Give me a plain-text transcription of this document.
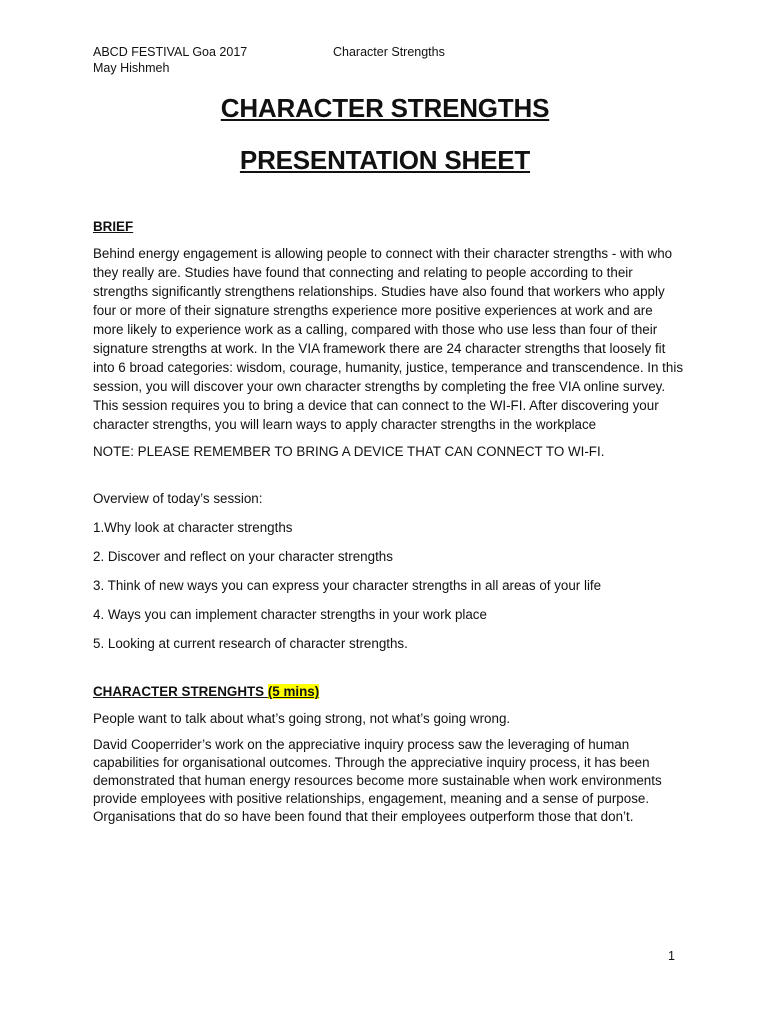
ABCD FESTIVAL Goa 2017
May Hishmeh
Character Strengths
CHARACTER STRENGTHS
PRESENTATION SHEET
BRIEF
Behind energy engagement is allowing people to connect with their character strengths - with who they really are. Studies have found that connecting and relating to people according to their strengths significantly strengthens relationships. Studies have also found that workers who apply four or more of their signature strengths experience more positive experiences at work and are more likely to experience work as a calling, compared with those who use less than four of their signature strengths at work. In the VIA framework there are 24 character strengths that loosely fit into 6 broad categories: wisdom, courage, humanity, justice, temperance and transcendence. In this session, you will discover your own character strengths by completing the free VIA online survey. This session requires you to bring a device that can connect to the WI-FI. After discovering your character strengths, you will learn ways to apply character strengths in the workplace
NOTE: PLEASE REMEMBER TO BRING A DEVICE THAT CAN CONNECT TO WI-FI.
Overview of today’s session:
1.Why look at character strengths
2. Discover and reflect on your character strengths
3. Think of new ways you can express your character strengths in all areas of your life
4. Ways you can implement character strengths in your work place
5. Looking at current research of character strengths.
CHARACTER STRENGHTS (5 mins)
People want to talk about what’s going strong, not what’s going wrong.
David Cooperrider’s work on the appreciative inquiry process saw the leveraging of human capabilities for organisational outcomes. Through the appreciative inquiry process, it has been demonstrated that human energy resources become more sustainable when work environments provide employees with positive relationships, engagement, meaning and a sense of purpose. Organisations that do so have been found that their employees outperform those that don’t.
1
